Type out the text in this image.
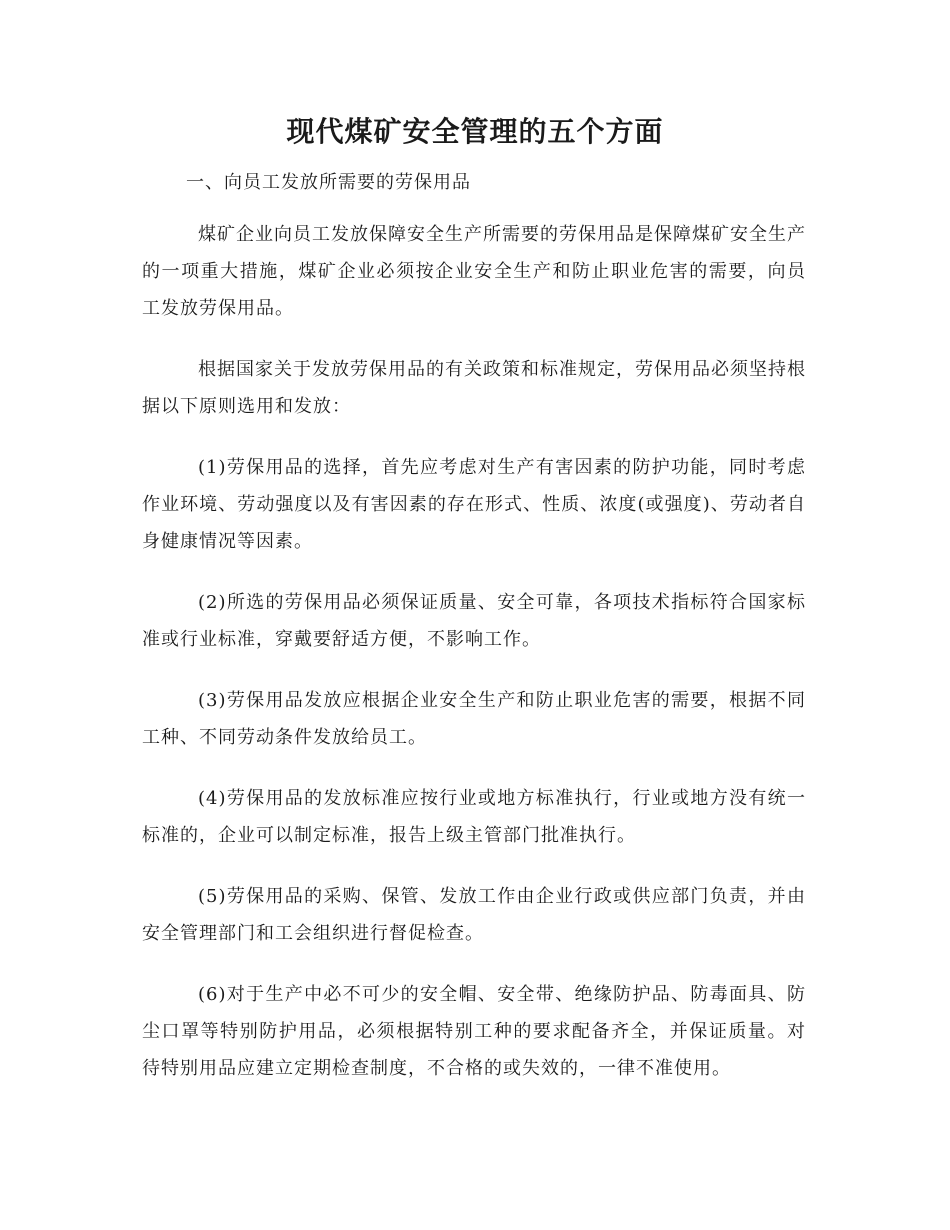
现代煤矿安全管理的五个方面

一、向员工发放所需要的劳保用品

煤矿企业向员工发放保障安全生产所需要的劳保用品是保障煤矿安全生产的一项重大措施，煤矿企业必须按企业安全生产和防止职业危害的需要，向员工发放劳保用品。

根据国家关于发放劳保用品的有关政策和标准规定，劳保用品必须坚持根据以下原则选用和发放：

(1)劳保用品的选择，首先应考虑对生产有害因素的防护功能，同时考虑作业环境、劳动强度以及有害因素的存在形式、性质、浓度(或强度)、劳动者自身健康情况等因素。

(2)所选的劳保用品必须保证质量、安全可靠，各项技术指标符合国家标准或行业标准，穿戴要舒适方便，不影响工作。

(3)劳保用品发放应根据企业安全生产和防止职业危害的需要，根据不同工种、不同劳动条件发放给员工。

(4)劳保用品的发放标准应按行业或地方标准执行，行业或地方没有统一标准的，企业可以制定标准，报告上级主管部门批准执行。

(5)劳保用品的采购、保管、发放工作由企业行政或供应部门负责，并由安全管理部门和工会组织进行督促检查。

(6)对于生产中必不可少的安全帽、安全带、绝缘防护品、防毒面具、防尘口罩等特别防护用品，必须根据特别工种的要求配备齐全，并保证质量。对待特别用品应建立定期检查制度，不合格的或失效的，一律不准使用。
